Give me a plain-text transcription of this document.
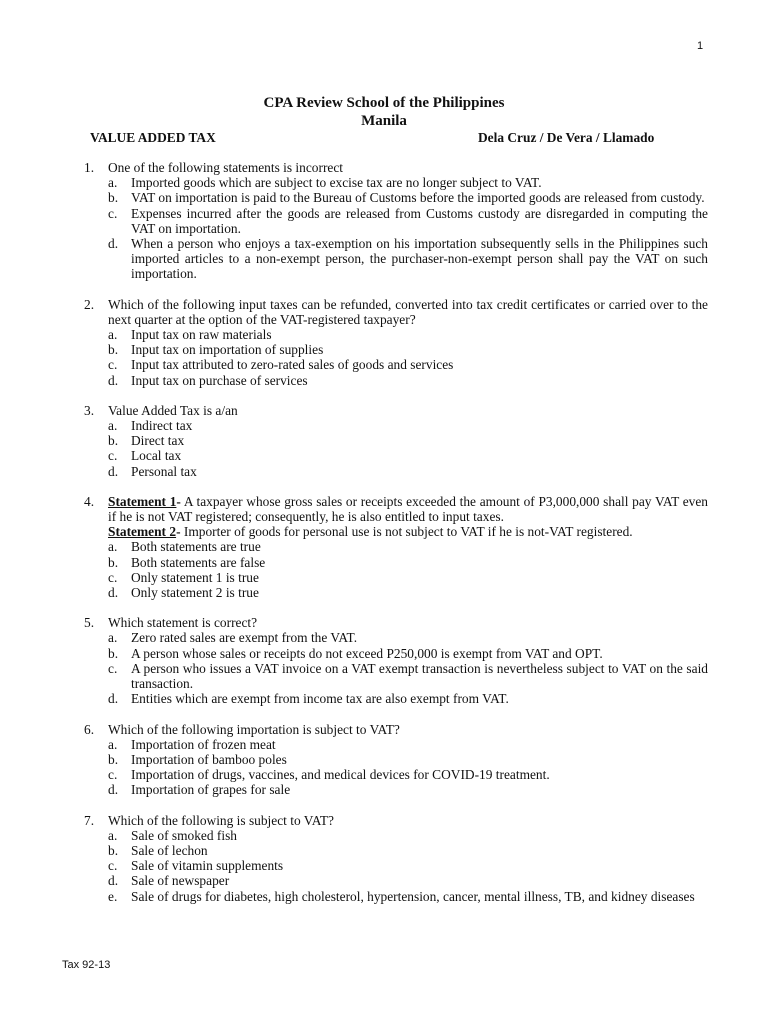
1
CPA Review School of the Philippines
Manila
VALUE ADDED TAX	Dela Cruz / De Vera / Llamado
1.	One of the following statements is incorrect
a.	Imported goods which are subject to excise tax are no longer subject to VAT.
b. VAT on importation is paid to the Bureau of Customs before the imported goods are released from custody.
c.	Expenses incurred after the goods are released from Customs custody are disregarded in computing the VAT on importation.
d. When a person who enjoys a tax-exemption on his importation subsequently sells in the Philippines such imported articles to a non-exempt person, the purchaser-non-exempt person shall pay the VAT on such importation.
2.	Which of the following input taxes can be refunded, converted into tax credit certificates or carried over to the next quarter at the option of the VAT-registered taxpayer?
a.	Input tax on raw materials
b. Input tax on importation of supplies
c.	Input tax attributed to zero-rated sales of goods and services
d. Input tax on purchase of services
3.	Value Added Tax is a/an
a.	Indirect tax
b. Direct tax
c.	Local tax
d. Personal tax
4.	Statement 1- A taxpayer whose gross sales or receipts exceeded the amount of P3,000,000 shall pay VAT even if he is not VAT registered; consequently, he is also entitled to input taxes.
Statement 2- Importer of goods for personal use is not subject to VAT if he is not-VAT registered.
a.	Both statements are true
b. Both statements are false
c.	Only statement 1 is true
d. Only statement 2 is true
5.	Which statement is correct?
a.	Zero rated sales are exempt from the VAT.
b. A person whose sales or receipts do not exceed P250,000 is exempt from VAT and OPT.
c.	A person who issues a VAT invoice on a VAT exempt transaction is nevertheless subject to VAT on the said transaction.
d. Entities which are exempt from income tax are also exempt from VAT.
6.	Which of the following importation is subject to VAT?
a.	Importation of frozen meat
b. Importation of bamboo poles
c.	Importation of drugs, vaccines, and medical devices for COVID-19 treatment.
d. Importation of grapes for sale
7.	Which of the following is subject to VAT?
a.	Sale of smoked fish
b. Sale of lechon
c.	Sale of vitamin supplements
d. Sale of newspaper
e.	Sale of drugs for diabetes, high cholesterol, hypertension, cancer, mental illness, TB, and kidney diseases
Tax 92-13
